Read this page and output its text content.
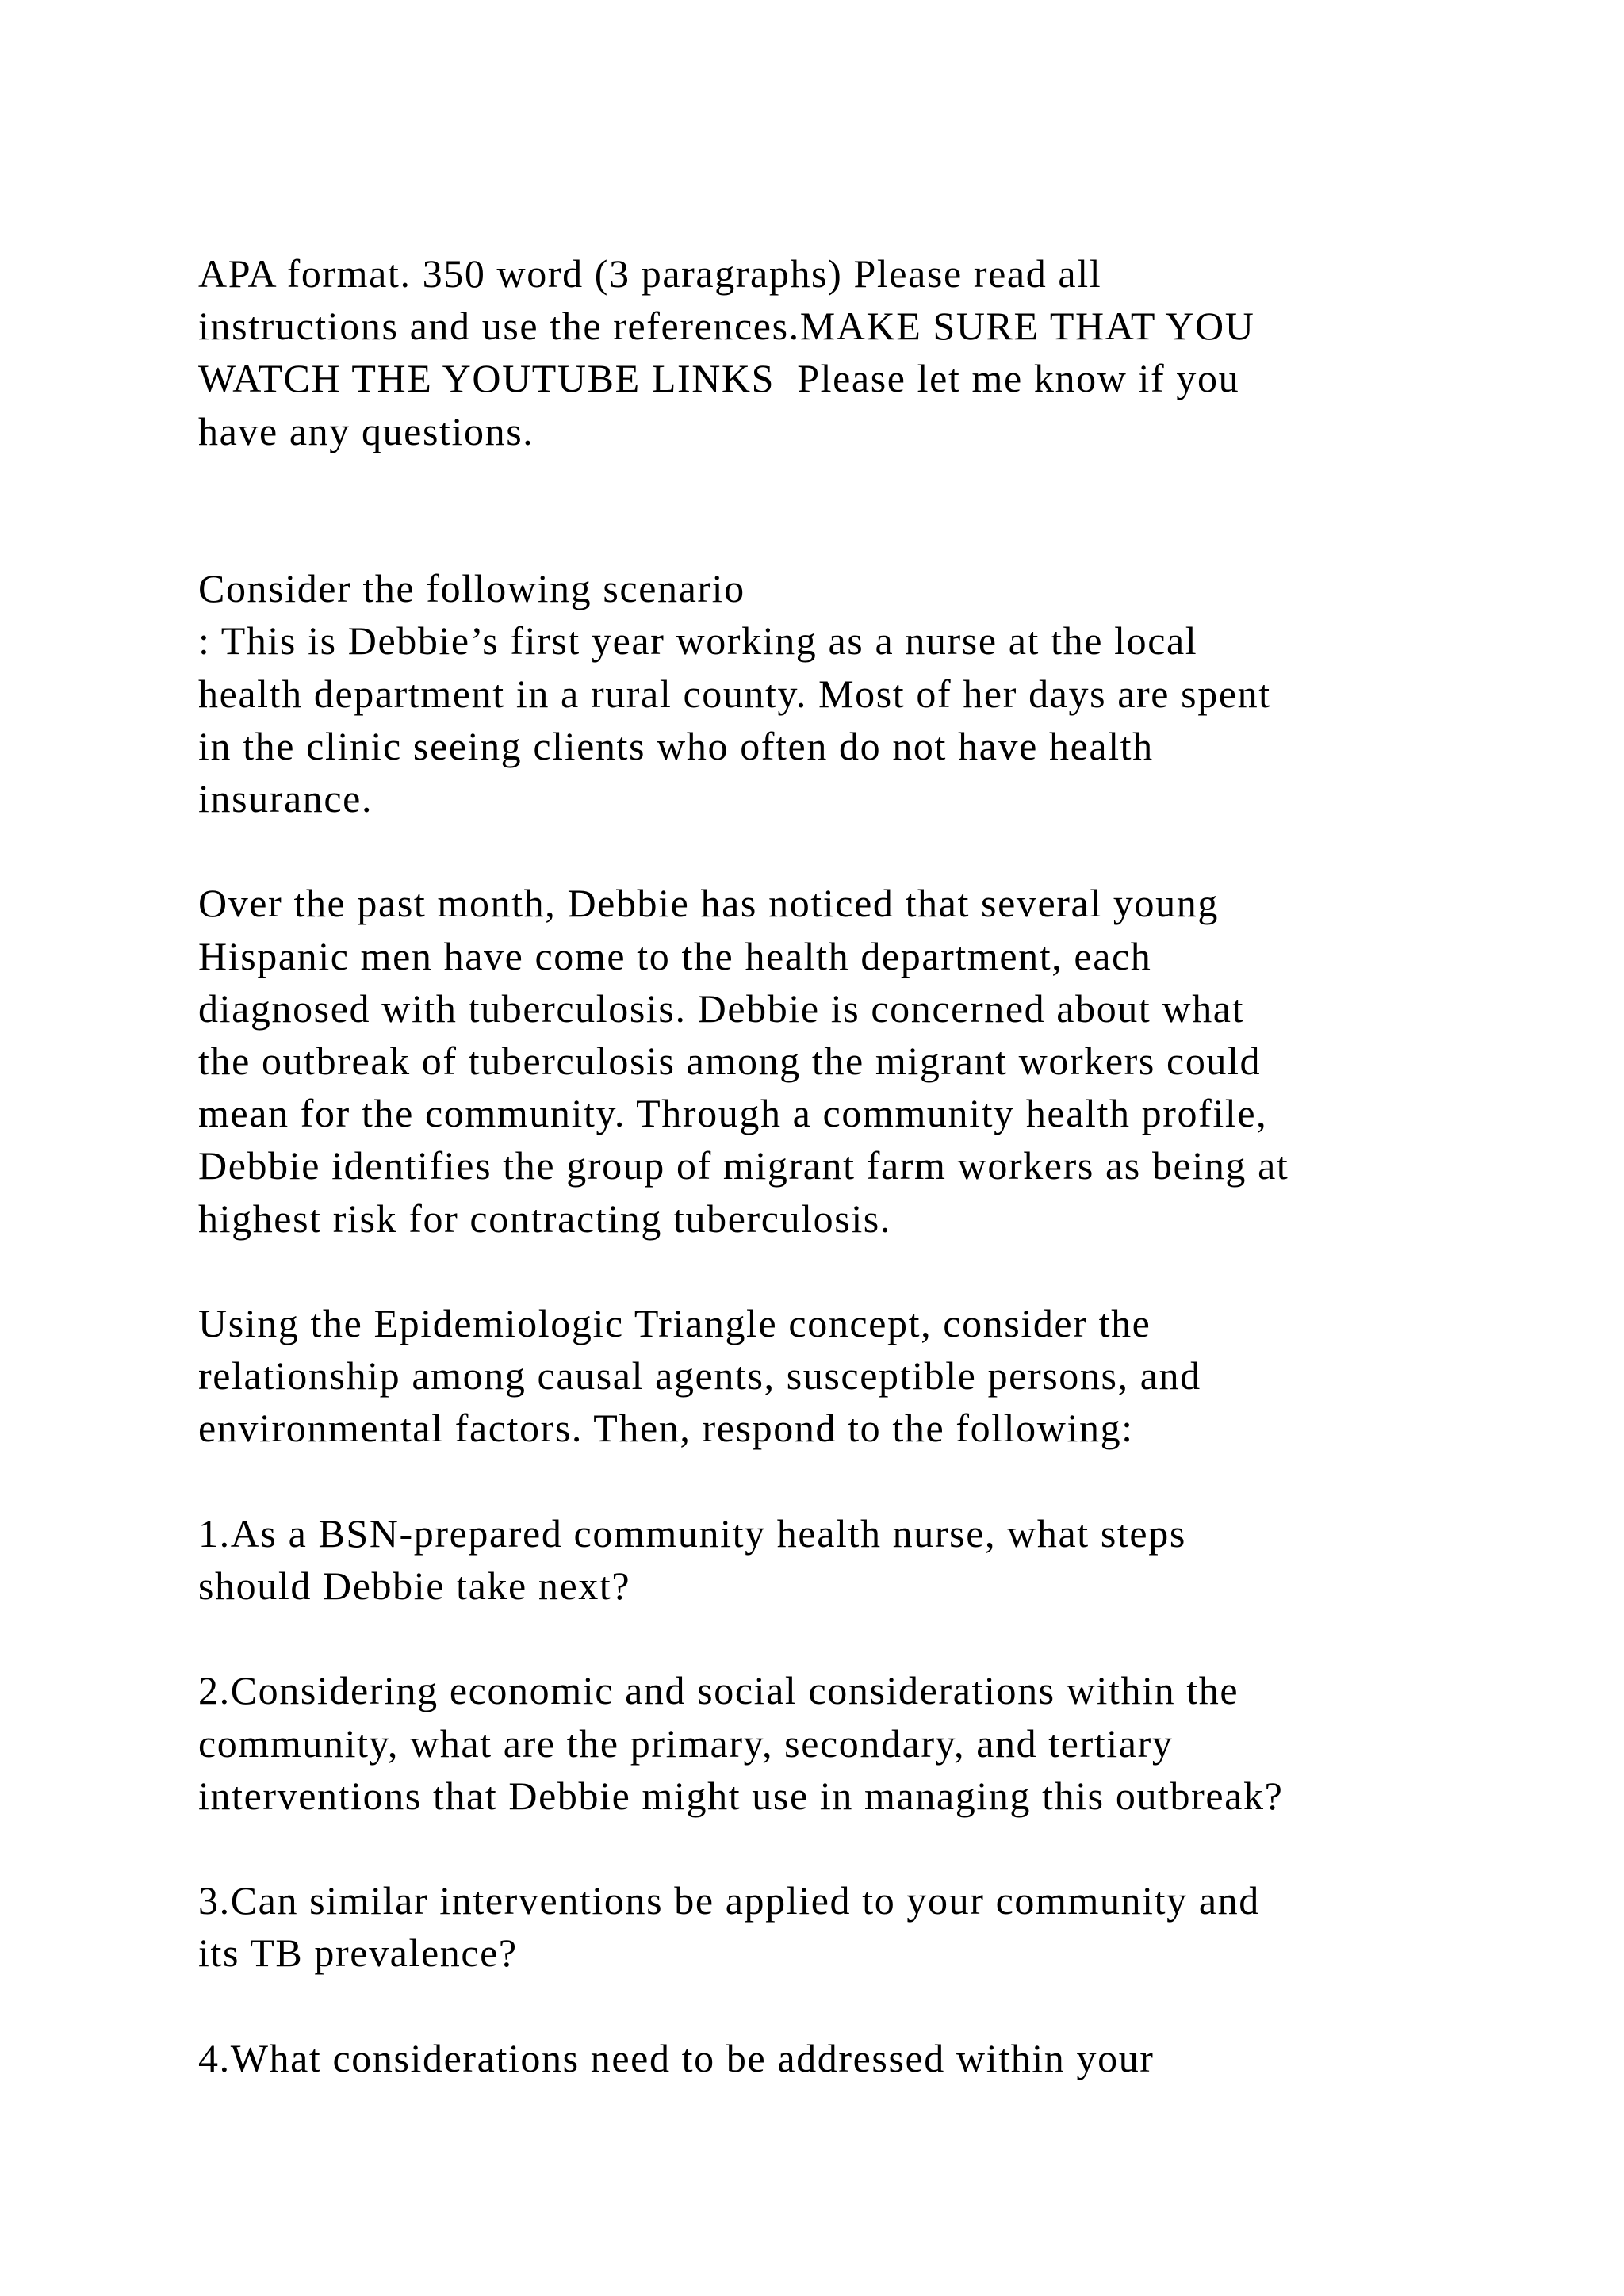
APA format. 350 word (3 paragraphs) Please read all
instructions and use the references.MAKE SURE THAT YOU
WATCH THE YOUTUBE LINKS  Please let me know if you
have any questions.
Consider the following scenario
: This is Debbie’s first year working as a nurse at the local
health department in a rural county. Most of her days are spent
in the clinic seeing clients who often do not have health
insurance.
Over the past month, Debbie has noticed that several young
Hispanic men have come to the health department, each
diagnosed with tuberculosis. Debbie is concerned about what
the outbreak of tuberculosis among the migrant workers could
mean for the community. Through a community health profile,
Debbie identifies the group of migrant farm workers as being at
highest risk for contracting tuberculosis.
Using the Epidemiologic Triangle concept, consider the
relationship among causal agents, susceptible persons, and
environmental factors. Then, respond to the following:
1.As a BSN-prepared community health nurse, what steps
should Debbie take next?
2.Considering economic and social considerations within the
community, what are the primary, secondary, and tertiary
interventions that Debbie might use in managing this outbreak?
3.Can similar interventions be applied to your community and
its TB prevalence?
4.What considerations need to be addressed within your
